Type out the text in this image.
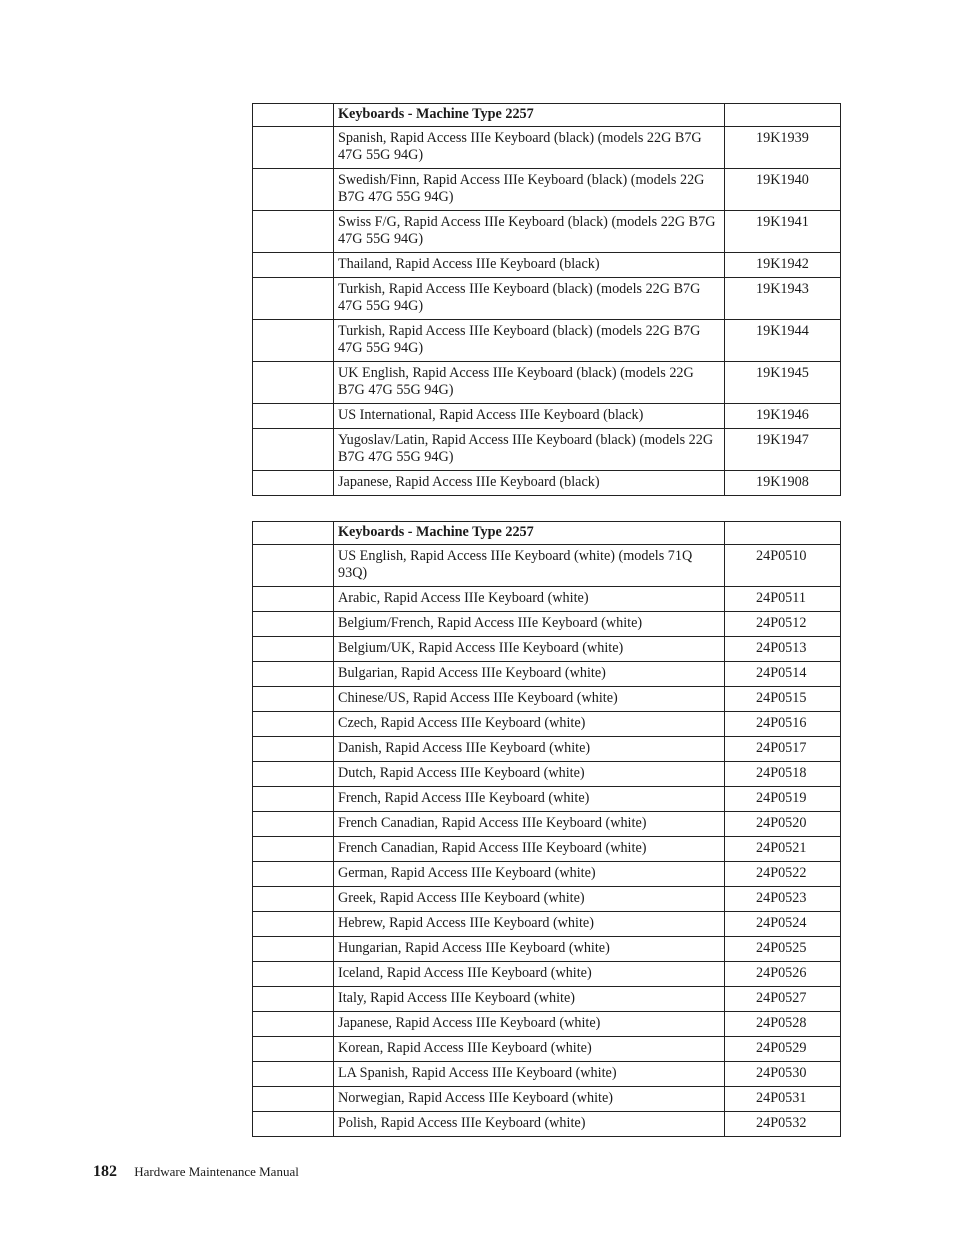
	Keyboards - Machine Type 2257	
	Spanish, Rapid Access IIIe Keyboard (black) (models 22G B7G 47G 55G 94G)	19K1939
	Swedish/Finn, Rapid Access IIIe Keyboard (black) (models 22G B7G 47G 55G 94G)	19K1940
	Swiss F/G, Rapid Access IIIe Keyboard (black) (models 22G B7G 47G 55G 94G)	19K1941
	Thailand, Rapid Access IIIe Keyboard (black)	19K1942
	Turkish, Rapid Access IIIe Keyboard (black) (models 22G B7G 47G 55G 94G)	19K1943
	Turkish, Rapid Access IIIe Keyboard (black) (models 22G B7G 47G 55G 94G)	19K1944
	UK English, Rapid Access IIIe Keyboard (black) (models 22G B7G 47G 55G 94G)	19K1945
	US International, Rapid Access IIIe Keyboard (black)	19K1946
	Yugoslav/Latin, Rapid Access IIIe Keyboard (black) (models 22G B7G 47G 55G 94G)	19K1947
	Japanese, Rapid Access IIIe Keyboard (black)	19K1908
	Keyboards - Machine Type 2257	
	US English, Rapid Access IIIe Keyboard (white) (models 71Q 93Q)	24P0510
	Arabic, Rapid Access IIIe Keyboard (white)	24P0511
	Belgium/French, Rapid Access IIIe Keyboard (white)	24P0512
	Belgium/UK, Rapid Access IIIe Keyboard (white)	24P0513
	Bulgarian, Rapid Access IIIe Keyboard (white)	24P0514
	Chinese/US, Rapid Access IIIe Keyboard (white)	24P0515
	Czech, Rapid Access IIIe Keyboard (white)	24P0516
	Danish, Rapid Access IIIe Keyboard (white)	24P0517
	Dutch, Rapid Access IIIe Keyboard (white)	24P0518
	French, Rapid Access IIIe Keyboard (white)	24P0519
	French Canadian, Rapid Access IIIe Keyboard (white)	24P0520
	French Canadian, Rapid Access IIIe Keyboard (white)	24P0521
	German, Rapid Access IIIe Keyboard (white)	24P0522
	Greek, Rapid Access IIIe Keyboard (white)	24P0523
	Hebrew, Rapid Access IIIe Keyboard (white)	24P0524
	Hungarian, Rapid Access IIIe Keyboard (white)	24P0525
	Iceland, Rapid Access IIIe Keyboard (white)	24P0526
	Italy, Rapid Access IIIe Keyboard (white)	24P0527
	Japanese, Rapid Access IIIe Keyboard (white)	24P0528
	Korean, Rapid Access IIIe Keyboard (white)	24P0529
	LA Spanish, Rapid Access IIIe Keyboard (white)	24P0530
	Norwegian, Rapid Access IIIe Keyboard (white)	24P0531
	Polish, Rapid Access IIIe Keyboard (white)	24P0532
182 Hardware Maintenance Manual
